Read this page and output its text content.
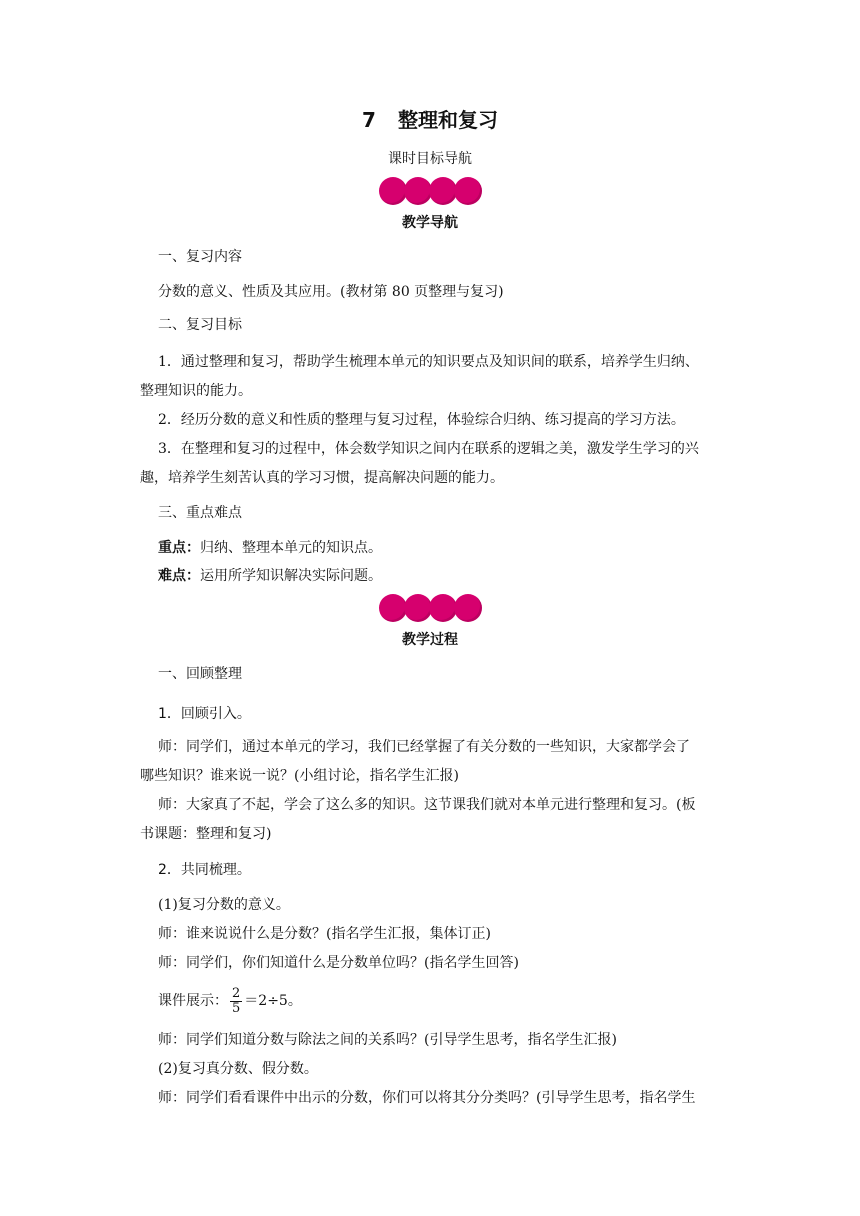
7 整理和复习
课时目标导航
教学导航
一、复习内容
分数的意义、性质及其应用。(教材第 80 页整理与复习)
二、复习目标
1．通过整理和复习，帮助学生梳理本单元的知识要点及知识间的联系，培养学生归纳、
整理知识的能力。
2．经历分数的意义和性质的整理与复习过程，体验综合归纳、练习提高的学习方法。
3．在整理和复习的过程中，体会数学知识之间内在联系的逻辑之美，激发学生学习的兴
趣，培养学生刻苦认真的学习习惯，提高解决问题的能力。
三、重点难点
重点：归纳、整理本单元的知识点。
难点：运用所学知识解决实际问题。
教学过程
一、回顾整理
1．回顾引入。
师：同学们，通过本单元的学习，我们已经掌握了有关分数的一些知识，大家都学会了
哪些知识？谁来说一说？(小组讨论，指名学生汇报)
师：大家真了不起，学会了这么多的知识。这节课我们就对本单元进行整理和复习。(板
书课题：整理和复习)
2．共同梳理。
(1)复习分数的意义。
师：谁来说说什么是分数？(指名学生汇报，集体订正)
师：同学们，你们知道什么是分数单位吗？(指名学生回答)
课件展示： $\frac{2}{5} =2\div 5$。
师：同学们知道分数与除法之间的关系吗？(引导学生思考，指名学生汇报)
(2)复习真分数、假分数。
师：同学们看看课件中出示的分数，你们可以将其分分类吗？(引导学生思考，指名学生
